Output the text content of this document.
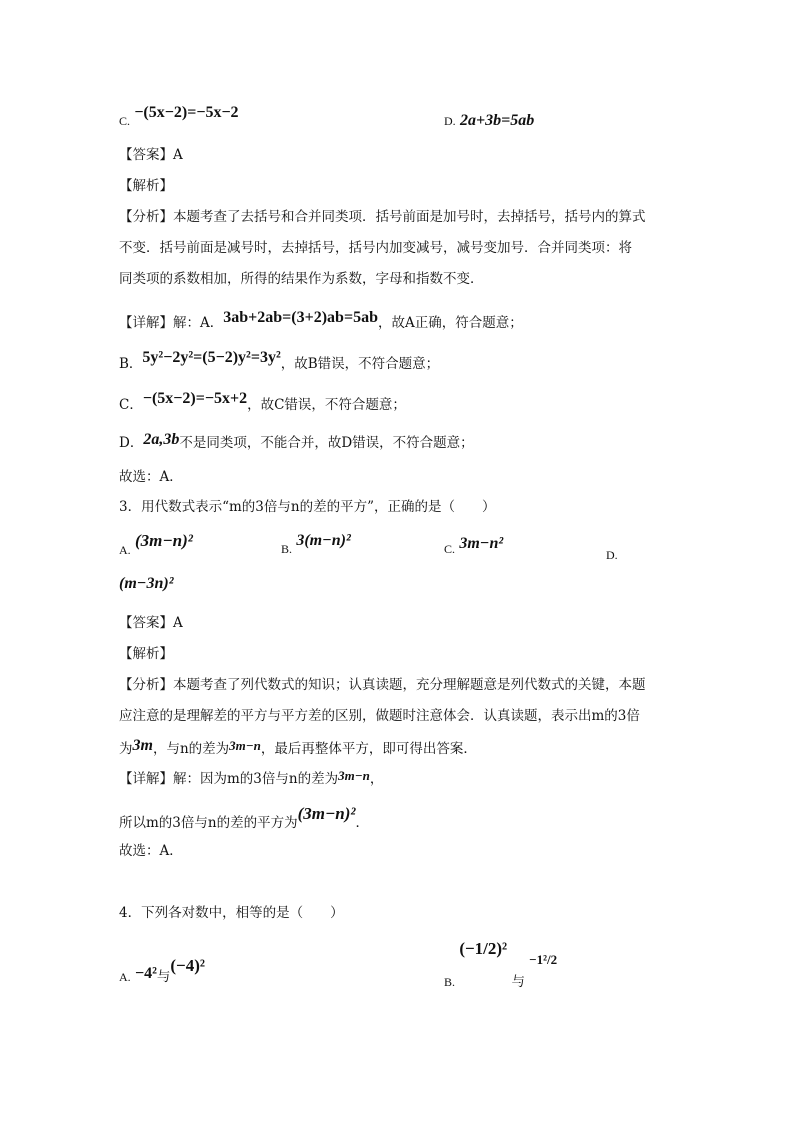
C. −(5x−2)=−5x−2	D. 2a+3b=5ab
【答案】A
【解析】
【分析】本题考查了去括号和合并同类项．括号前面是加号时，去掉括号，括号内的算式
不变．括号前面是减号时，去掉括号，括号内加变减号，减号变加号．合并同类项：将
同类项的系数相加，所得的结果作为系数，字母和指数不变．
【详解】解：A．3ab+2ab=(3+2)ab=5ab，故A正确，符合题意；
B．5y²−2y²=(5−2)y²=3y²，故B错误，不符合题意；
C．−(5x−2)=−5x+2，故C错误，不符合题意；
D．2a,3b不是同类项，不能合并，故D错误，不符合题意；
故选：A．
3．用代数式表示“m的3倍与n的差的平方”，正确的是（　　）
A. (3m−n)²	B. 3(m−n)²	C. 3m−n²
D.
(m−3n)²
【答案】A
【解析】
【分析】本题考查了列代数式的知识；认真读题，充分理解题意是列代数式的关键，本题
应注意的是理解差的平方与平方差的区别，做题时注意体会．认真读题，表示出m的3倍
为3m，与n的差为3m−n，最后再整体平方，即可得出答案．
【详解】解：因为m的3倍与n的差为3m−n，
所以m的3倍与n的差的平方为(3m−n)²．
故选：A．
4．下列各对数中，相等的是（　　）
A. −4²与(−4)²
B. (−1/2)² 与 −1²/2
